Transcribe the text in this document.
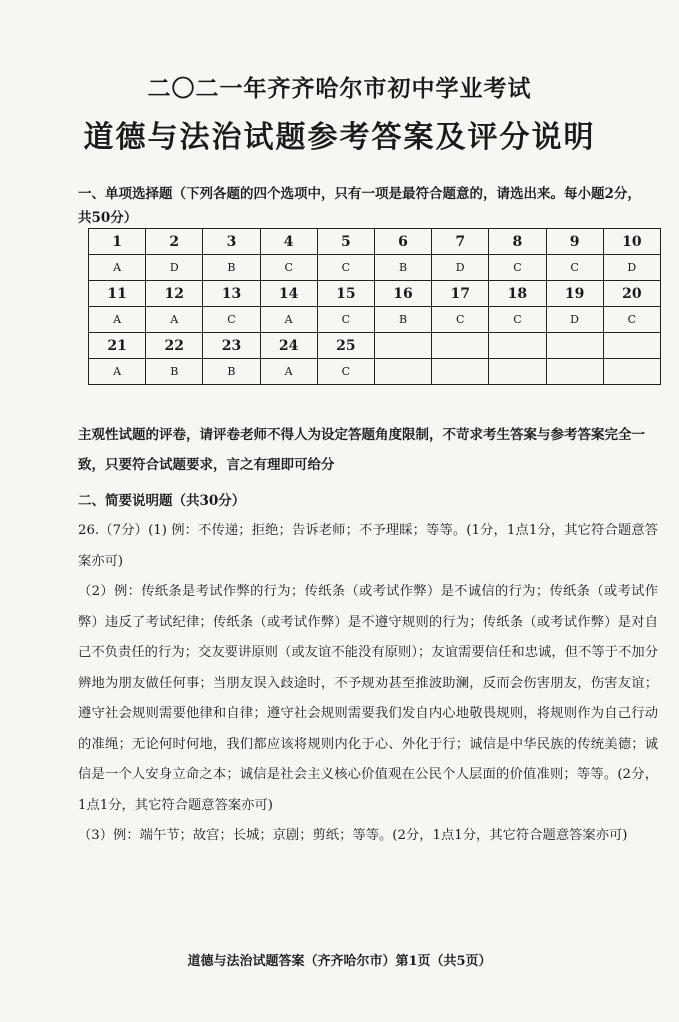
二〇二一年齐齐哈尔市初中学业考试
道德与法治试题参考答案及评分说明
一、单项选择题（下列各题的四个选项中，只有一项是最符合题意的，请选出来。每小题2分，共50分）
1	2	3	4	5	6	7	8	9	10
A	D	B	C	C	B	D	C	C	D
11	12	13	14	15	16	17	18	19	20
A	A	C	A	C	B	C	C	D	C
21	22	23	24	25					
A	B	B	A	C					
主观性试题的评卷，请评卷老师不得人为设定答题角度限制，不苛求考生答案与参考答案完全一致，只要符合试题要求，言之有理即可给分
二、简要说明题（共30分）

26.（7分）(1) 例：不传递；拒绝；告诉老师；不予理睬；等等。(1分，1点1分，其它符合题意答案亦可)

（2）例：传纸条是考试作弊的行为；传纸条（或考试作弊）是不诚信的行为；传纸条（或考试作弊）违反了考试纪律；传纸条（或考试作弊）是不遵守规则的行为；传纸条（或考试作弊）是对自己不负责任的行为；交友要讲原则（或友谊不能没有原则）；友谊需要信任和忠诚，但不等于不加分辨地为朋友做任何事；当朋友误入歧途时，不予规劝甚至推波助澜，反而会伤害朋友，伤害友谊；遵守社会规则需要他律和自律；遵守社会规则需要我们发自内心地敬畏规则，将规则作为自己行动的准绳；无论何时何地，我们都应该将规则内化于心、外化于行；诚信是中华民族的传统美德；诚信是一个人安身立命之本；诚信是社会主义核心价值观在公民个人层面的价值准则；等等。(2分，1点1分，其它符合题意答案亦可)

（3）例：端午节；故宫；长城；京剧；剪纸；等等。(2分，1点1分，其它符合题意答案亦可)

道德与法治试题答案（齐齐哈尔市）第1页（共5页）
